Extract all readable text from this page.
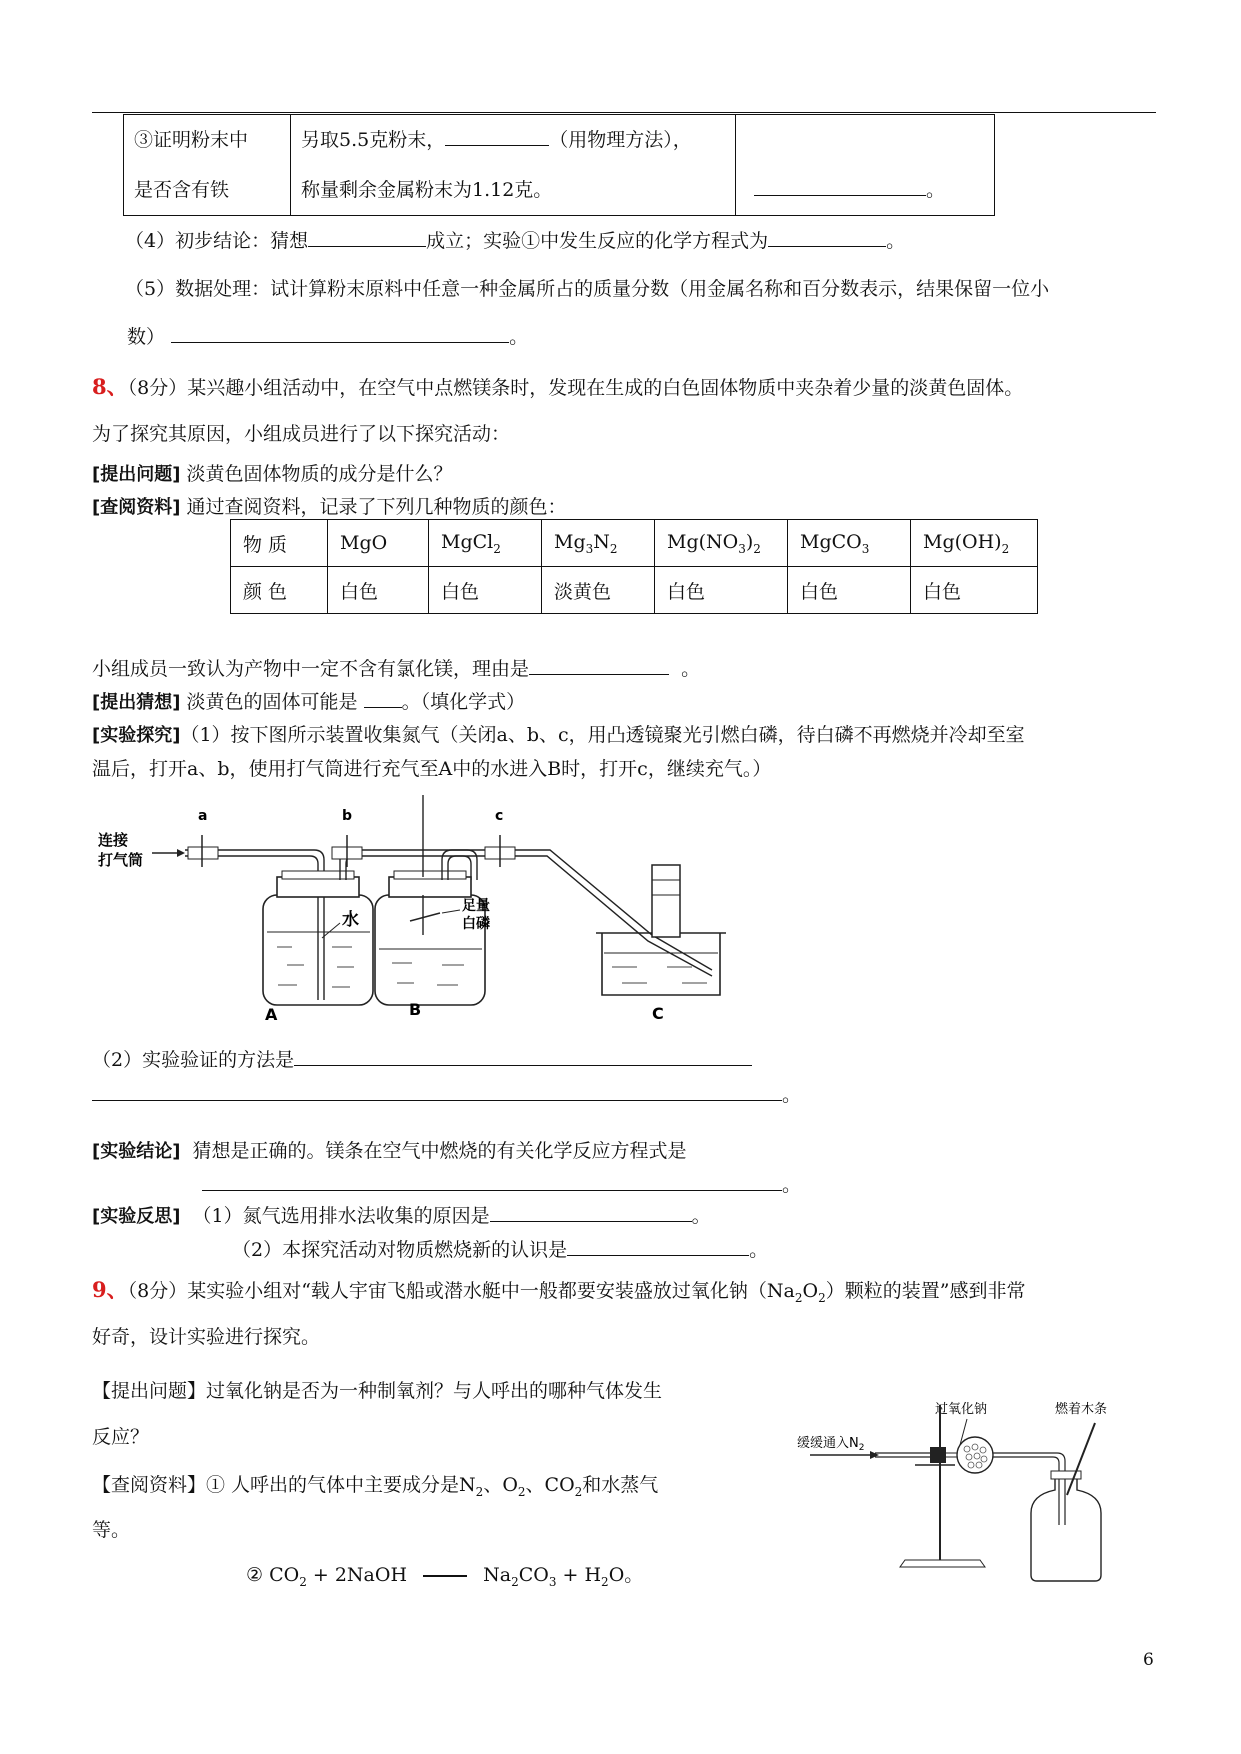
③证明粉末中
是否含有铁

另取5.5克粉末，	（用物理方法），
称量剩余金属粉末为1.12克。	。
（4）初步结论：猜想	成立；实验①中发生反应的化学方程式为	。
（5）数据处理：试计算粉末原料中任意一种金属所占的质量分数（用金属名称和百分数表示，结果保留一位小
数）	。
8、（8分）某兴趣小组活动中，在空气中点燃镁条时，发现在生成的白色固体物质中夹杂着少量的淡黄色固体。
为了探究其原因，小组成员进行了以下探究活动：
[提出问题] 淡黄色固体物质的成分是什么？
[查阅资料] 通过查阅资料，记录了下列几种物质的颜色：
物 质	MgO	MgCl$_2$	$Mg_3N_2$	$Mg(NO_3)_2$	MgCO$_3$	$Mg(OH)_2$
颜 色	白色	白色	淡黄色	白色	白色	白色
小组成员一致认为产物中一定不含有氯化镁，理由是	。
[提出猜想] 淡黄色的固体可能是 。（填化学式）
[实验探究]（1）按下图所示装置收集氮气（关闭a、b、c，用凸透镜聚光引燃白磷，待白磷不再燃烧并冷却至室
温后，打开a、b，使用打气筒进行充气至A中的水进入B时，打开c，继续充气。）
连接
打气筒
a	b
水
足量
白磷
c
A	B	C
（2）实验验证的方法是
。
[实验结论] 猜想是正确的。镁条在空气中燃烧的有关化学反应方程式是
。
[实验反思] （1）氮气选用排水法收集的原因是	。
（2）本探究活动对物质燃烧新的认识是	。
9、（8分）某实验小组对“载人宇宙飞船或潜水艇中一般都要安装盛放过氧化钠$(Na_2O_2)$颗粒的装置”感到非常
好奇，设计实验进行探究。
【提出问题】过氧化钠是否为一种制氧剂？与人呼出的哪种气体发生
反应？
【查阅资料】① 人呼出的气体中主要成分是$N_2$、$O_2$、$CO_2$和水蒸气
等。
② $CO_2$ + 2NaOH	$Na_2CO_3 + H_2O$。
缓缓通入$N_2$
过氧化钠	燃着木条
6
